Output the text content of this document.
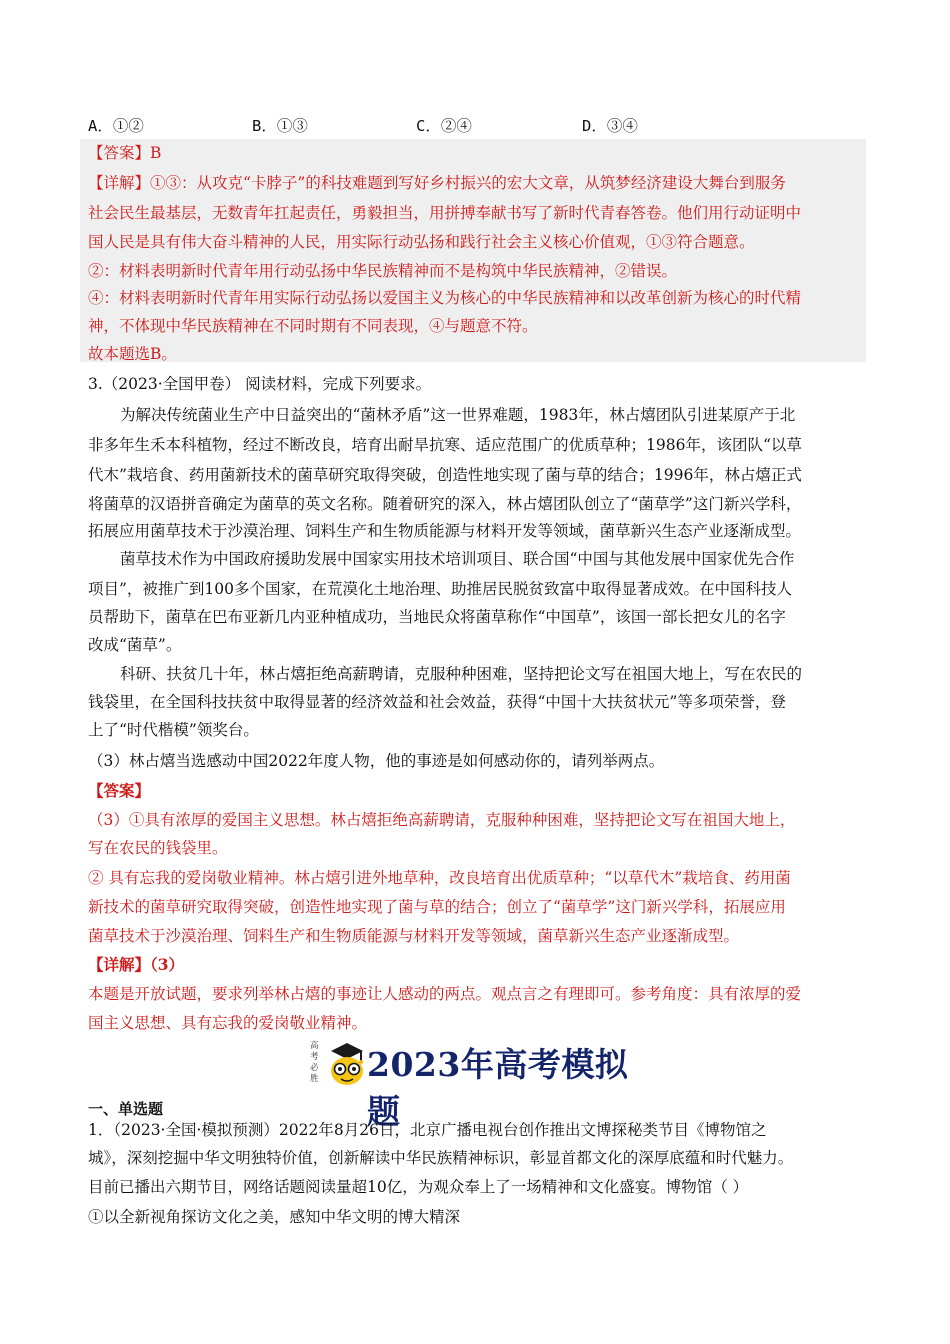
A．①②	B．①③	C．②④	D．③④
【答案】B
【详解】①③：从攻克“卡脖子”的科技难题到写好乡村振兴的宏大文章，从筑梦经济建设大舞台到服务
社会民生最基层，无数青年扛起责任，勇毅担当，用拼搏奉献书写了新时代青春答卷。他们用行动证明中
国人民是具有伟大奋斗精神的人民，用实际行动弘扬和践行社会主义核心价值观，①③符合题意。
②：材料表明新时代青年用行动弘扬中华民族精神而不是构筑中华民族精神，②错误。
④：材料表明新时代青年用实际行动弘扬以爱国主义为核心的中华民族精神和以改革创新为核心的时代精
神，不体现中华民族精神在不同时期有不同表现，④与题意不符。
故本题选B。
3.（2023·全国甲卷） 阅读材料，完成下列要求。
为解决传统菌业生产中日益突出的“菌林矛盾”这一世界难题，1983年，林占熺团队引进某原产于北
非多年生禾本科植物，经过不断改良，培育出耐旱抗寒、适应范围广的优质草种；1986年，该团队“以草
代木”栽培食、药用菌新技术的菌草研究取得突破，创造性地实现了菌与草的结合；1996年，林占熺正式
将菌草的汉语拼音确定为菌草的英文名称。随着研究的深入，林占熺团队创立了“菌草学”这门新兴学科，
拓展应用菌草技术于沙漠治理、饲料生产和生物质能源与材料开发等领域，菌草新兴生态产业逐渐成型。
菌草技术作为中国政府援助发展中国家实用技术培训项目、联合国“中国与其他发展中国家优先合作
项目”，被推广到100多个国家，在荒漠化土地治理、助推居民脱贫致富中取得显著成效。在中国科技人
员帮助下，菌草在巴布亚新几内亚种植成功，当地民众将菌草称作“中国草”，该国一部长把女儿的名字
改成“菌草”。
科研、扶贫几十年，林占熺拒绝高薪聘请，克服种种困难，坚持把论文写在祖国大地上，写在农民的
钱袋里，在全国科技扶贫中取得显著的经济效益和社会效益，获得“中国十大扶贫状元”等多项荣誉，登
上了“时代楷模”领奖台。
（3）林占熺当选感动中国2022年度人物，他的事迹是如何感动你的，请列举两点。
【答案】
（3）①具有浓厚的爱国主义思想。林占熺拒绝高薪聘请，克服种种困难，坚持把论文写在祖国大地上，
写在农民的钱袋里。
② 具有忘我的爱岗敬业精神。林占熺引进外地草种，改良培育出优质草种；“以草代木”栽培食、药用菌
新技术的菌草研究取得突破，创造性地实现了菌与草的结合；创立了“菌草学”这门新兴学科，拓展应用
菌草技术于沙漠治理、饲料生产和生物质能源与材料开发等领域，菌草新兴生态产业逐渐成型。
【详解】（3）
本题是开放试题，要求列举林占熺的事迹让人感动的两点。观点言之有理即可。参考角度：具有浓厚的爱
国主义思想、具有忘我的爱岗敬业精神。
高考必胜 2023年高考模拟题
一、单选题
1．（2023·全国·模拟预测）2022年8月26日，北京广播电视台创作推出文博探秘类节目《博物馆之
城》，深刻挖掘中华文明独特价值，创新解读中华民族精神标识，彰显首都文化的深厚底蕴和时代魅力。
目前已播出六期节目，网络话题阅读量超10亿，为观众奉上了一场精神和文化盛宴。博物馆（ ）
①以全新视角探访文化之美，感知中华文明的博大精深
